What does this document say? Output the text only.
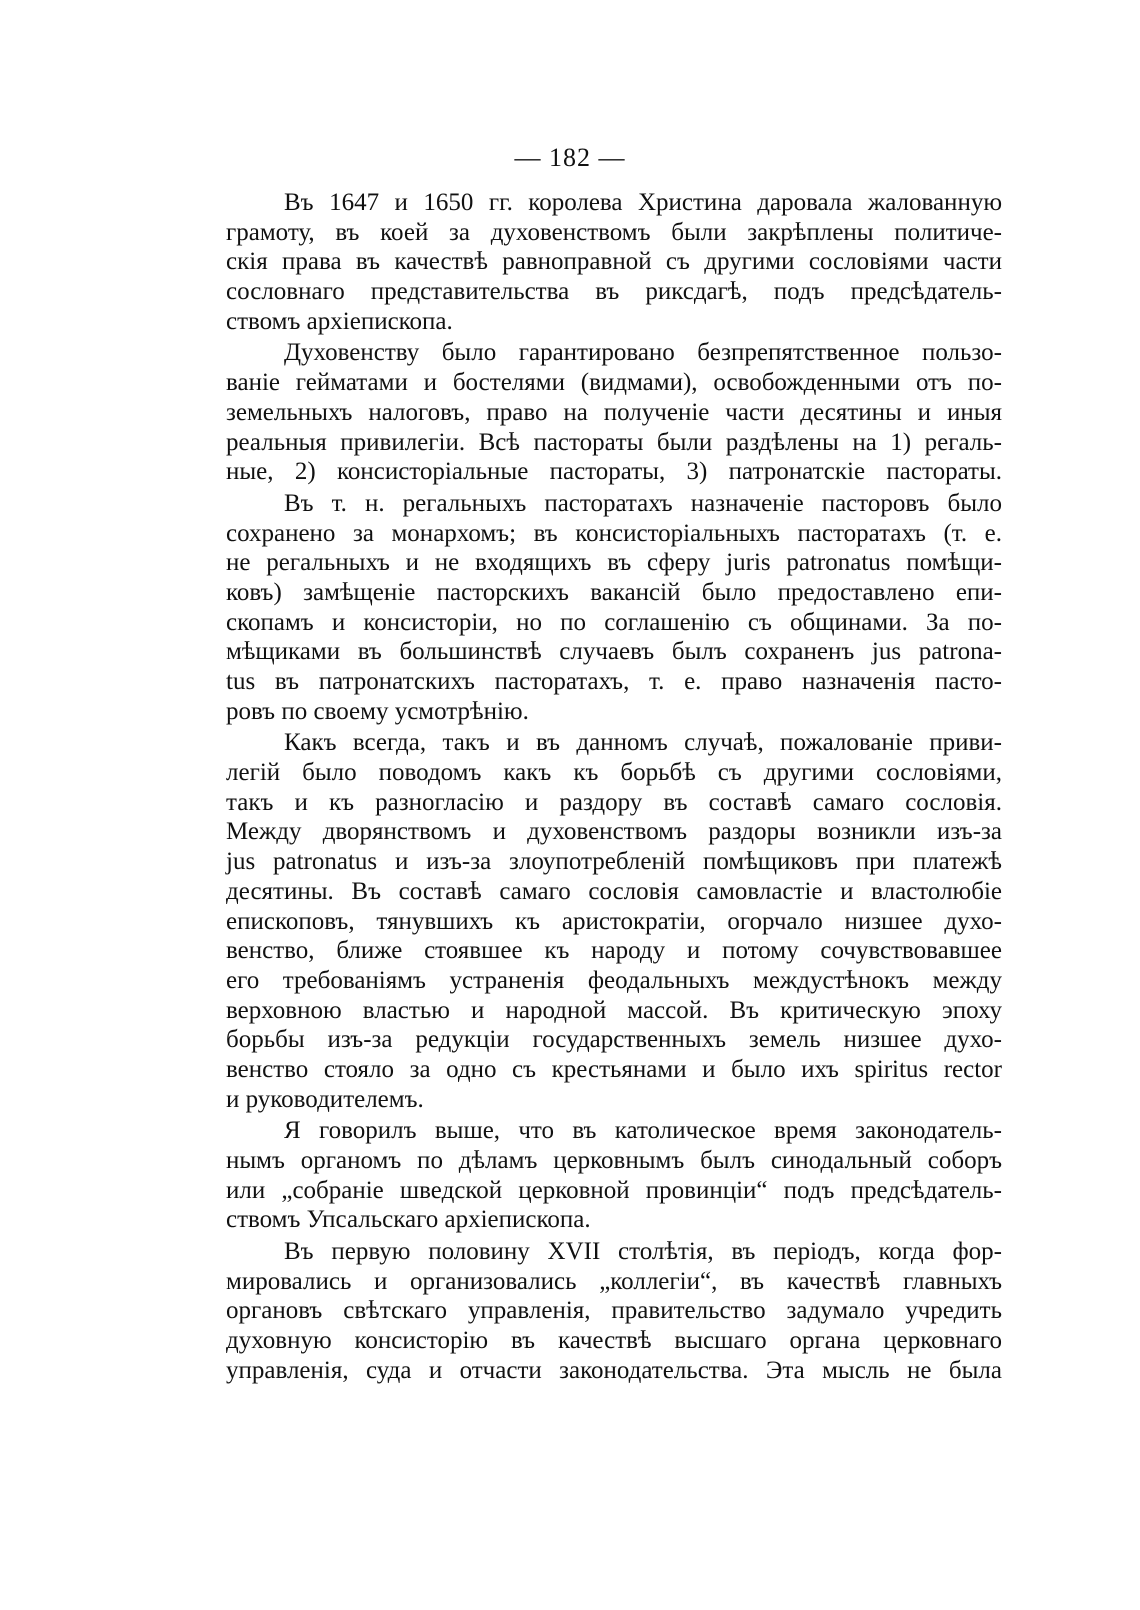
— 182 —
Въ 1647 и 1650 гг. королева Христина даровала жалованную
грамоту, въ коей за духовенствомъ были закрѣплены политиче-
скія права въ качествѣ равноправной съ другими сословіями части
сословнаго представительства въ риксдагѣ, подъ предсѣдатель-
ствомъ архіепископа.
Духовенству было гарантировано безпрепятственное пользо-
ваніе гейматами и бостелями (видмами), освобожденными отъ по-
земельныхъ налоговъ, право на полученіе части десятины и иныя
реальныя привилегіи. Всѣ пасторaты были раздѣлены на 1) регаль-
ные, 2) консисторіальные пастораты, 3) патронатскіе пастораты.
Въ т. н. регальныхъ пасторатахъ назначеніе пасторовъ было
сохранено за монархомъ; въ консисторіальныхъ пасторатахъ (т. е.
не регальныхъ и не входящихъ въ сферу juris patronatus помѣщи-
ковъ) замѣщеніе пасторскихъ вакансій было предоставлено епи-
скопамъ и консисторіи, но по соглашенію съ общинами. За по-
мѣщиками въ большинствѣ случаевъ былъ сохраненъ jus patrona-
tus въ патронатскихъ пасторатахъ, т. е. право назначенія пасто-
ровъ по своему усмотрѣнію.
Какъ всегда, такъ и въ данномъ случаѣ, пожалованіе приви-
легій было поводомъ какъ къ борьбѣ съ другими сословіями,
такъ и къ разногласію и раздору въ составѣ самаго сословія.
Между дворянствомъ и духовенствомъ раздоры возникли изъ-за
jus patronatus и изъ-за злоупотребленій помѣщиковъ при платежѣ
десятины. Въ составѣ самаго сословія самовластіе и властолюбіе
епископовъ, тянувшихъ къ аристократіи, огорчало низшее духо-
венство, ближе стоявшее къ народу и потому сочувствовавшее
его требованіямъ устраненія феодальныхъ междустѣнокъ между
верховною властью и народной массой. Въ критическую эпоху
борьбы изъ-за редукціи государственныхъ земель низшее духо-
венство стояло за одно съ крестьянами и было ихъ spiritus rector
и руководителемъ.
Я говорилъ выше, что въ католическое время законодатель-
нымъ органомъ по дѣламъ церковнымъ былъ синодальный соборъ
или „собраніе шведской церковной провинціи“ подъ предсѣдатель-
ствомъ Упсальскаго архіепископа.
Въ первую половину XVII столѣтія, въ періодъ, когда фор-
мировались и организовались „коллегіи“, въ качествѣ главныхъ
органовъ свѣтскаго управленія, правительство задумало учредить
духовную консисторію въ качествѣ высшаго органа церковнаго
управленія, суда и отчасти законодательства. Эта мысль не была
